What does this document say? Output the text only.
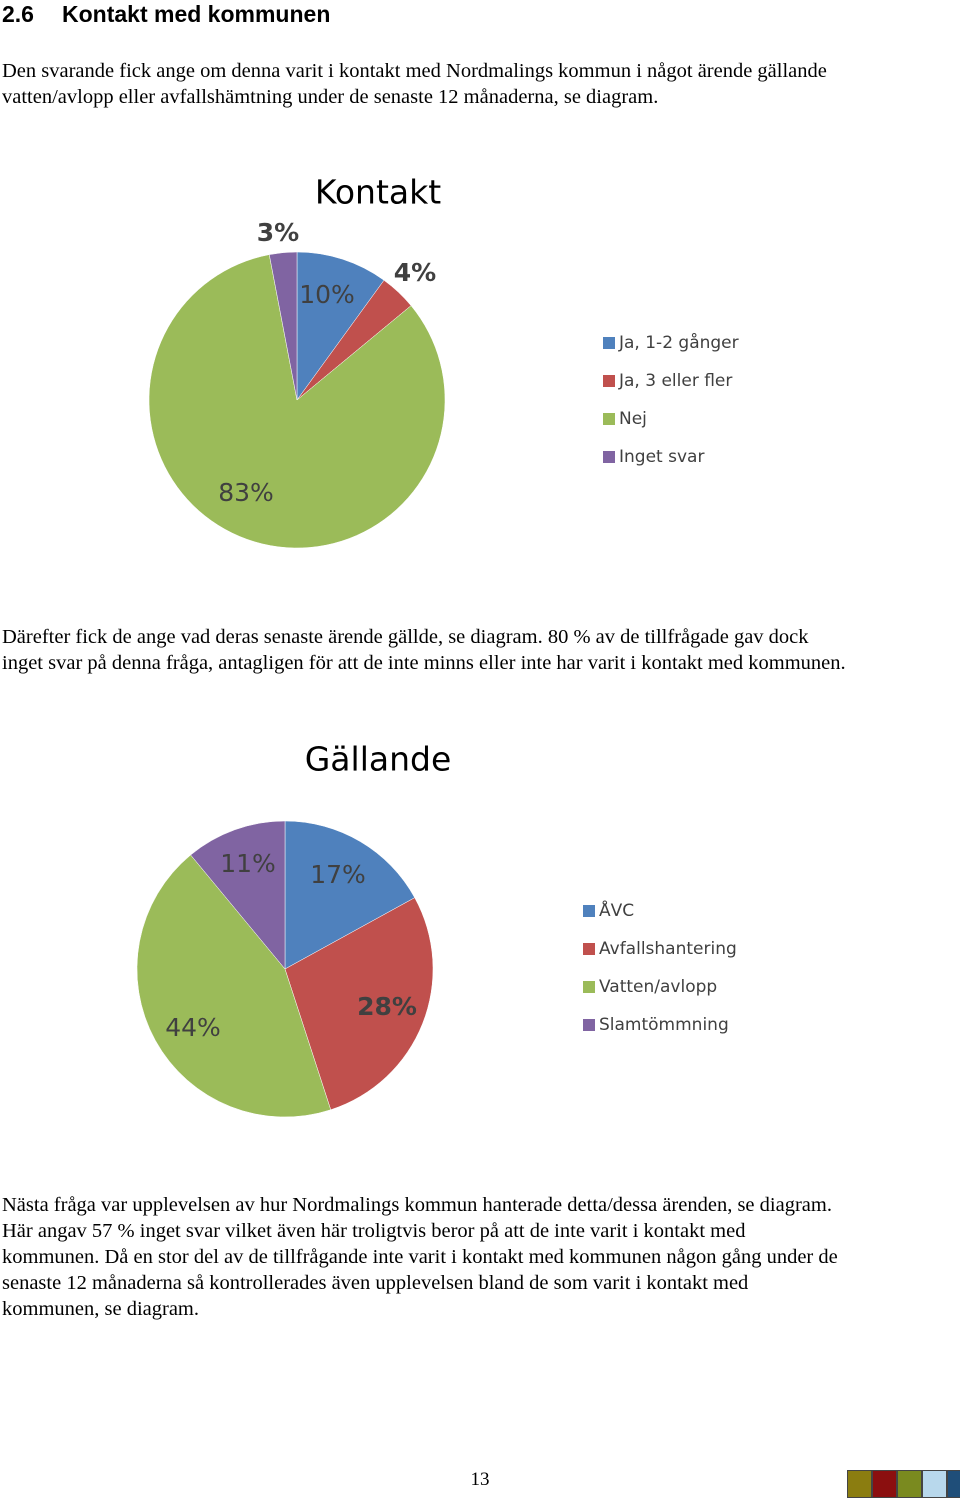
2.6 Kontakt med kommunen

Den svarande fick ange om denna varit i kontakt med Nordmalings kommun i något ärende gällande
vatten/avlopp eller avfallshämtning under de senaste 12 månaderna, se diagram.

Kontakt
10%
4%
83%
3%
Ja, 1-2 gånger
Ja, 3 eller fler
Nej
Inget svar

Därefter fick de ange vad deras senaste ärende gällde, se diagram. 80 % av de tillfrågade gav dock
inget svar på denna fråga, antagligen för att de inte minns eller inte har varit i kontakt med kommunen.

Gällande
17%
28%
44%
11%
ÅVC
Avfallshantering
Vatten/avlopp
Slamtömmning

Nästa fråga var upplevelsen av hur Nordmalings kommun hanterade detta/dessa ärenden, se diagram.
Här angav 57 % inget svar vilket även här troligtvis beror på att de inte varit i kontakt med
kommunen. Då en stor del av de tillfrågande inte varit i kontakt med kommunen någon gång under de
senaste 12 månaderna så kontrollerades även upplevelsen bland de som varit i kontakt med
kommunen, se diagram.

13
